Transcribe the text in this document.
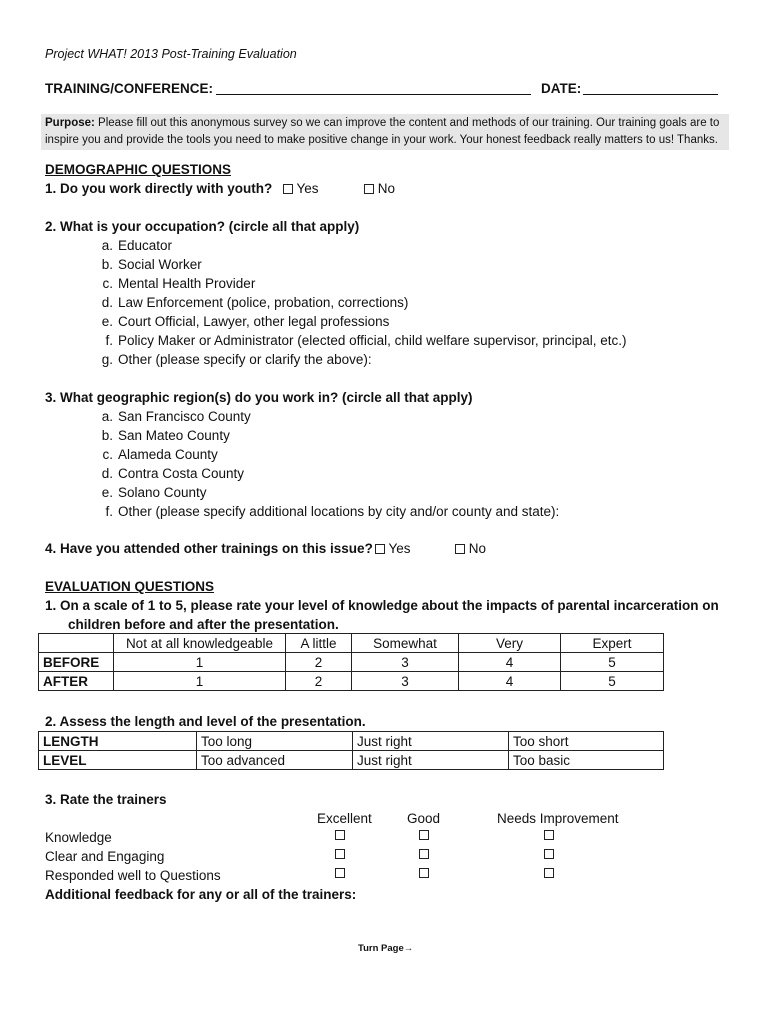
Project WHAT! 2013 Post-Training Evaluation
TRAINING/CONFERENCE:	DATE:
Purpose: Please fill out this anonymous survey so we can improve the content and methods of our training. Our training goals are to inspire you and provide the tools you need to make positive change in your work. Your honest feedback really matters to us! Thanks.
DEMOGRAPHIC QUESTIONS
1. Do you work directly with youth?	Yes	No
2. What is your occupation? (circle all that apply)
a. Educator
b. Social Worker
c. Mental Health Provider
d. Law Enforcement (police, probation, corrections)
e. Court Official, Lawyer, other legal professions
f. Policy Maker or Administrator (elected official, child welfare supervisor, principal, etc.)
g. Other (please specify or clarify the above):
3. What geographic region(s) do you work in? (circle all that apply)
a. San Francisco County
b. San Mateo County
c. Alameda County
d. Contra Costa County
e. Solano County
f. Other (please specify additional locations by city and/or county and state):
4. Have you attended other trainings on this issue?	Yes	No
EVALUATION QUESTIONS
1. On a scale of 1 to 5, please rate your level of knowledge about the impacts of parental incarceration on
children before and after the presentation.
	Not at all knowledgeable	A little	Somewhat	Very	Expert
BEFORE	1	2	3	4	5
AFTER	1	2	3	4	5
2. Assess the length and level of the presentation.
LENGTH	Too long	Just right	Too short
LEVEL	Too advanced	Just right	Too basic
3. Rate the trainers
Excellent	Good	Needs Improvement
Knowledge
Clear and Engaging
Responded well to Questions
Additional feedback for any or all of the trainers:
Turn Page→
